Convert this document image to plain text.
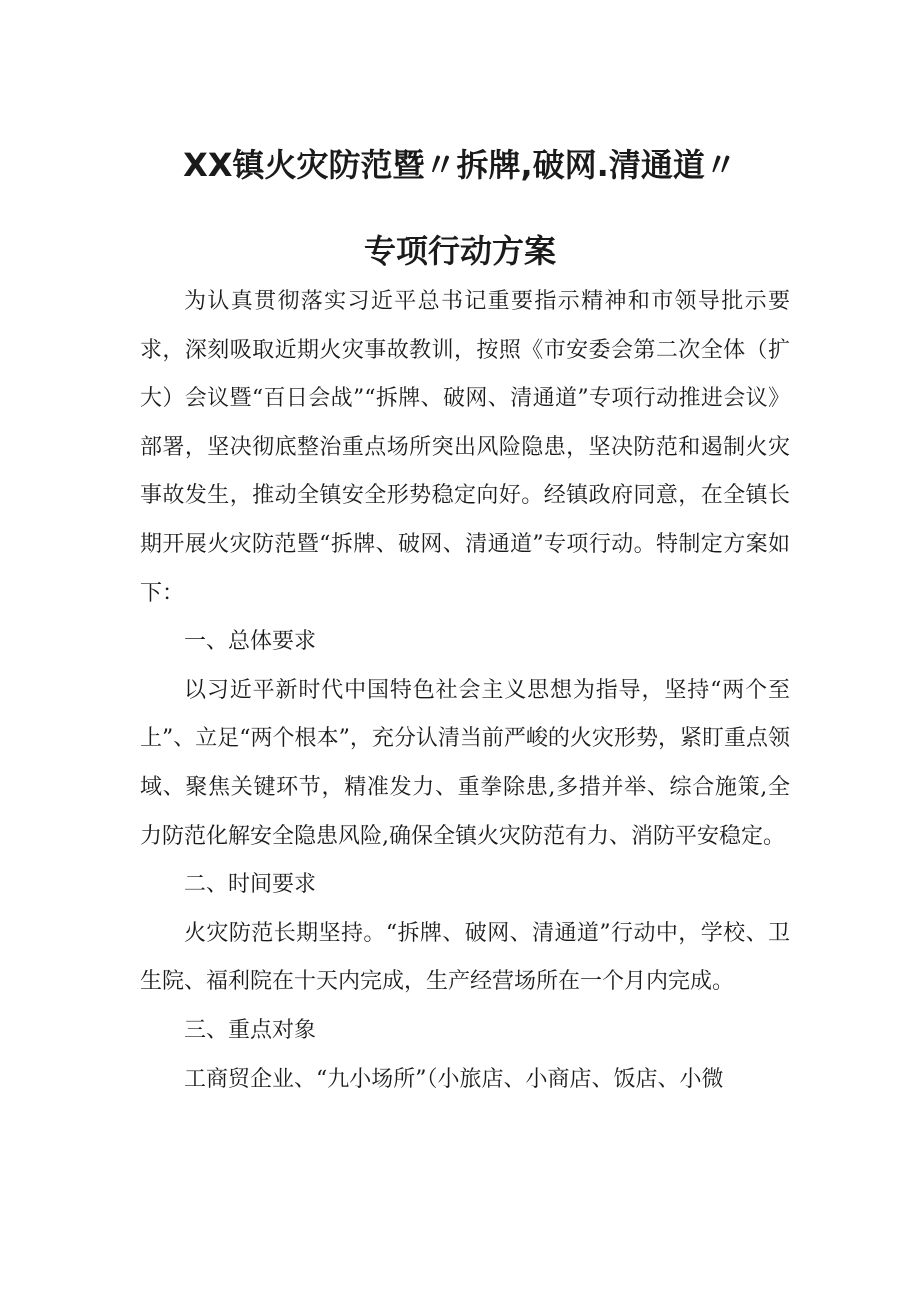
XX镇火灾防范暨〃拆牌,破网.清通道〃
专项行动方案

为认真贯彻落实习近平总书记重要指示精神和市领导批示要求，深刻吸取近期火灾事故教训，按照《市安委会第二次全体（扩大）会议暨“百日会战”“拆牌、破网、清通道”专项行动推进会议》部署，坚决彻底整治重点场所突出风险隐患，坚决防范和遏制火灾事故发生，推动全镇安全形势稳定向好。经镇政府同意，在全镇长期开展火灾防范暨“拆牌、破网、清通道”专项行动。特制定方案如下：

一、总体要求

以习近平新时代中国特色社会主义思想为指导，坚持“两个至上”、立足“两个根本”，充分认清当前严峻的火灾形势，紧盯重点领域、聚焦关键环节，精准发力、重拳除患,多措并举、综合施策,全力防范化解安全隐患风险,确保全镇火灾防范有力、消防平安稳定。

二、时间要求

火灾防范长期坚持。“拆牌、破网、清通道”行动中，学校、卫生院、福利院在十天内完成，生产经营场所在一个月内完成。

三、重点对象

工商贸企业、“九小场所”（小旅店、小商店、饭店、小微
